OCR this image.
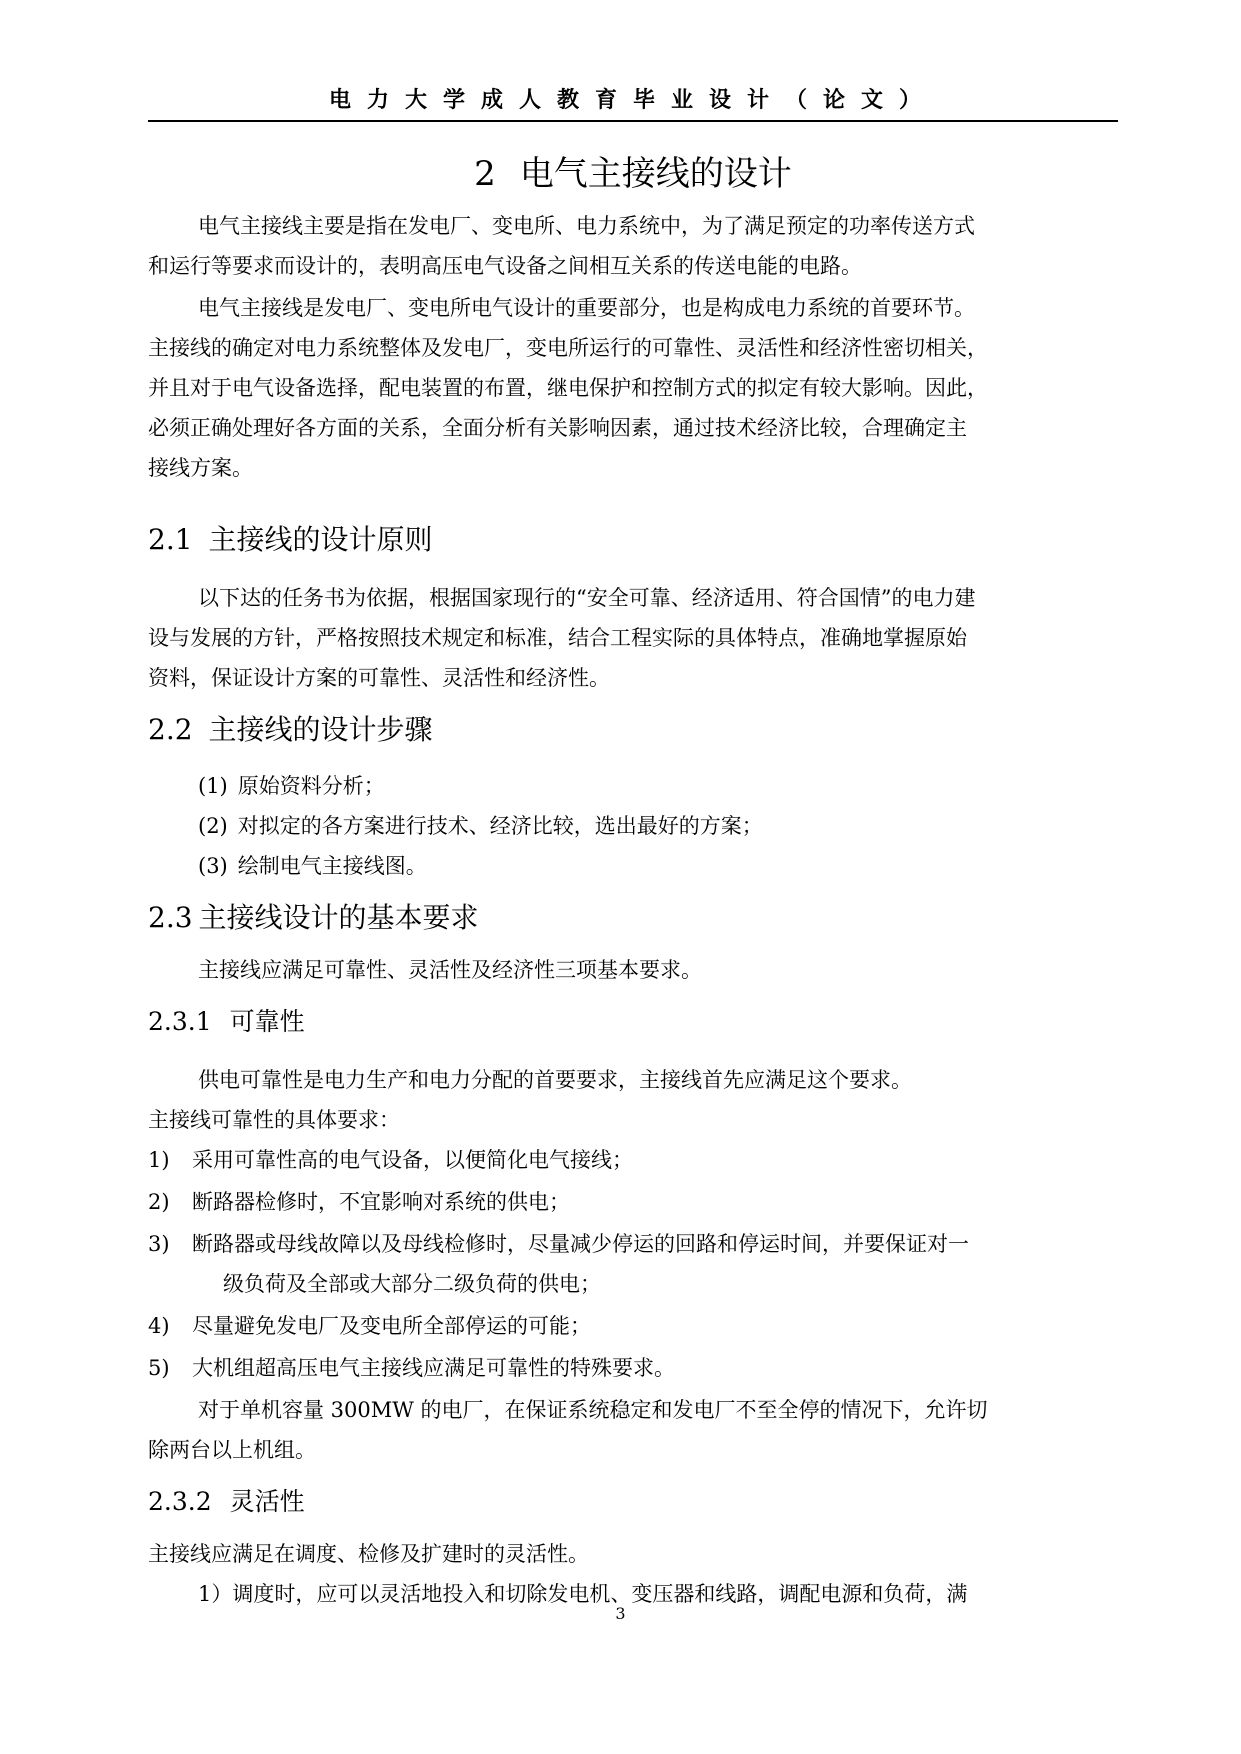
电力大学成人教育毕业设计（论文）
2 电气主接线的设计
电气主接线主要是指在发电厂、变电所、电力系统中，为了满足预定的功率传送方式
和运行等要求而设计的，表明高压电气设备之间相互关系的传送电能的电路。
电气主接线是发电厂、变电所电气设计的重要部分，也是构成电力系统的首要环节。
主接线的确定对电力系统整体及发电厂，变电所运行的可靠性、灵活性和经济性密切相关，
并且对于电气设备选择，配电装置的布置，继电保护和控制方式的拟定有较大影响。因此，
必须正确处理好各方面的关系，全面分析有关影响因素，通过技术经济比较，合理确定主
接线方案。
2.1 主接线的设计原则
以下达的任务书为依据，根据国家现行的“安全可靠、经济适用、符合国情”的电力建
设与发展的方针，严格按照技术规定和标准，结合工程实际的具体特点，准确地掌握原始
资料，保证设计方案的可靠性、灵活性和经济性。
2.2 主接线的设计步骤
(1) 原始资料分析；
(2) 对拟定的各方案进行技术、经济比较，选出最好的方案；
(3) 绘制电气主接线图。
2.3 主接线设计的基本要求
主接线应满足可靠性、灵活性及经济性三项基本要求。
2.3.1 可靠性
供电可靠性是电力生产和电力分配的首要要求，主接线首先应满足这个要求。
主接线可靠性的具体要求：
1) 采用可靠性高的电气设备，以便简化电气接线；
2) 断路器检修时，不宜影响对系统的供电；
3) 断路器或母线故障以及母线检修时，尽量减少停运的回路和停运时间，并要保证对一
级负荷及全部或大部分二级负荷的供电；
4) 尽量避免发电厂及变电所全部停运的可能；
5) 大机组超高压电气主接线应满足可靠性的特殊要求。
对于单机容量 300MW 的电厂，在保证系统稳定和发电厂不至全停的情况下，允许切
除两台以上机组。
2.3.2 灵活性
主接线应满足在调度、检修及扩建时的灵活性。
1）调度时，应可以灵活地投入和切除发电机、变压器和线路，调配电源和负荷，满
3
